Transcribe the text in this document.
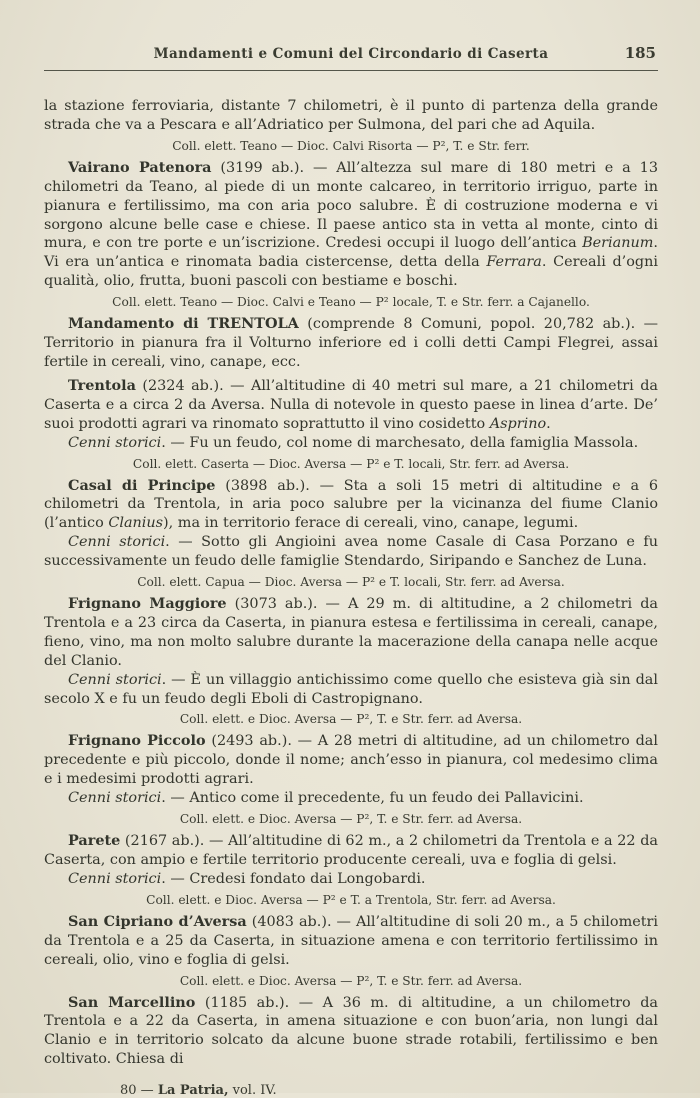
Mandamenti e Comuni del Circondario di Caserta	185

la stazione ferroviaria, distante 7 chilometri, è il punto di partenza della grande strada che va a Pescara e all’Adriatico per Sulmona, del pari che ad Aquila.

Coll. elett. Teano — Dioc. Calvi Risorta — P², T. e Str. ferr.

Vairano Patenora (3199 ab.). — All’altezza sul mare di 180 metri e a 13 chilometri da Teano, al piede di un monte calcareo, in territorio irriguo, parte in pianura e fertilissimo, ma con aria poco salubre. È di costruzione moderna e vi sorgono alcune belle case e chiese. Il paese antico sta in vetta al monte, cinto di mura, e con tre porte e un’iscrizione. Credesi occupi il luogo dell’antica Berianum. Vi era un’antica e rinomata badia cistercense, detta della Ferrara. Cereali d’ogni qualità, olio, frutta, buoni pascoli con bestiame e boschi.

Coll. elett. Teano — Dioc. Calvi e Teano — P² locale, T. e Str. ferr. a Cajanello.

Mandamento di TRENTOLA (comprende 8 Comuni, popol. 20,782 ab.). — Territorio in pianura fra il Volturno inferiore ed i colli detti Campi Flegrei, assai fertile in cereali, vino, canape, ecc.

Trentola (2324 ab.). — All’altitudine di 40 metri sul mare, a 21 chilometri da Caserta e a circa 2 da Aversa. Nulla di notevole in questo paese in linea d’arte. De’ suoi prodotti agrari va rinomato soprattutto il vino cosidetto Asprino.

Cenni storici. — Fu un feudo, col nome di marchesato, della famiglia Massola.

Coll. elett. Caserta — Dioc. Aversa — P² e T. locali, Str. ferr. ad Aversa.

Casal di Principe (3898 ab.). — Sta a soli 15 metri di altitudine e a 6 chilometri da Trentola, in aria poco salubre per la vicinanza del fiume Clanio (l’antico Clanius), ma in territorio ferace di cereali, vino, canape, legumi.

Cenni storici. — Sotto gli Angioini avea nome Casale di Casa Porzano e fu successivamente un feudo delle famiglie Stendardo, Siripando e Sanchez de Luna.

Coll. elett. Capua — Dioc. Aversa — P² e T. locali, Str. ferr. ad Aversa.

Frignano Maggiore (3073 ab.). — A 29 m. di altitudine, a 2 chilometri da Trentola e a 23 circa da Caserta, in pianura estesa e fertilissima in cereali, canape, fieno, vino, ma non molto salubre durante la macerazione della canapa nelle acque del Clanio.

Cenni storici. — È un villaggio antichissimo come quello che esisteva già sin dal secolo X e fu un feudo degli Eboli di Castropignano.

Coll. elett. e Dioc. Aversa — P², T. e Str. ferr. ad Aversa.

Frignano Piccolo (2493 ab.). — A 28 metri di altitudine, ad un chilometro dal precedente e più piccolo, donde il nome; anch’esso in pianura, col medesimo clima e i medesimi prodotti agrari.

Cenni storici. — Antico come il precedente, fu un feudo dei Pallavicini.

Coll. elett. e Dioc. Aversa — P², T. e Str. ferr. ad Aversa.

Parete (2167 ab.). — All’altitudine di 62 m., a 2 chilometri da Trentola e a 22 da Caserta, con ampio e fertile territorio producente cereali, uva e foglia di gelsi.

Cenni storici. — Credesi fondato dai Longobardi.

Coll. elett. e Dioc. Aversa — P² e T. a Trentola, Str. ferr. ad Aversa.

San Cipriano d’Aversa (4083 ab.). — All’altitudine di soli 20 m., a 5 chilometri da Trentola e a 25 da Caserta, in situazione amena e con territorio fertilissimo in cereali, olio, vino e foglia di gelsi.

Coll. elett. e Dioc. Aversa — P², T. e Str. ferr. ad Aversa.

San Marcellino (1185 ab.). — A 36 m. di altitudine, a un chilometro da Trentola e a 22 da Caserta, in amena situazione e con buon’aria, non lungi dal Clanio e in territorio solcato da alcune buone strade rotabili, fertilissimo e ben coltivato. Chiesa di

80 — La Patria, vol. IV.
